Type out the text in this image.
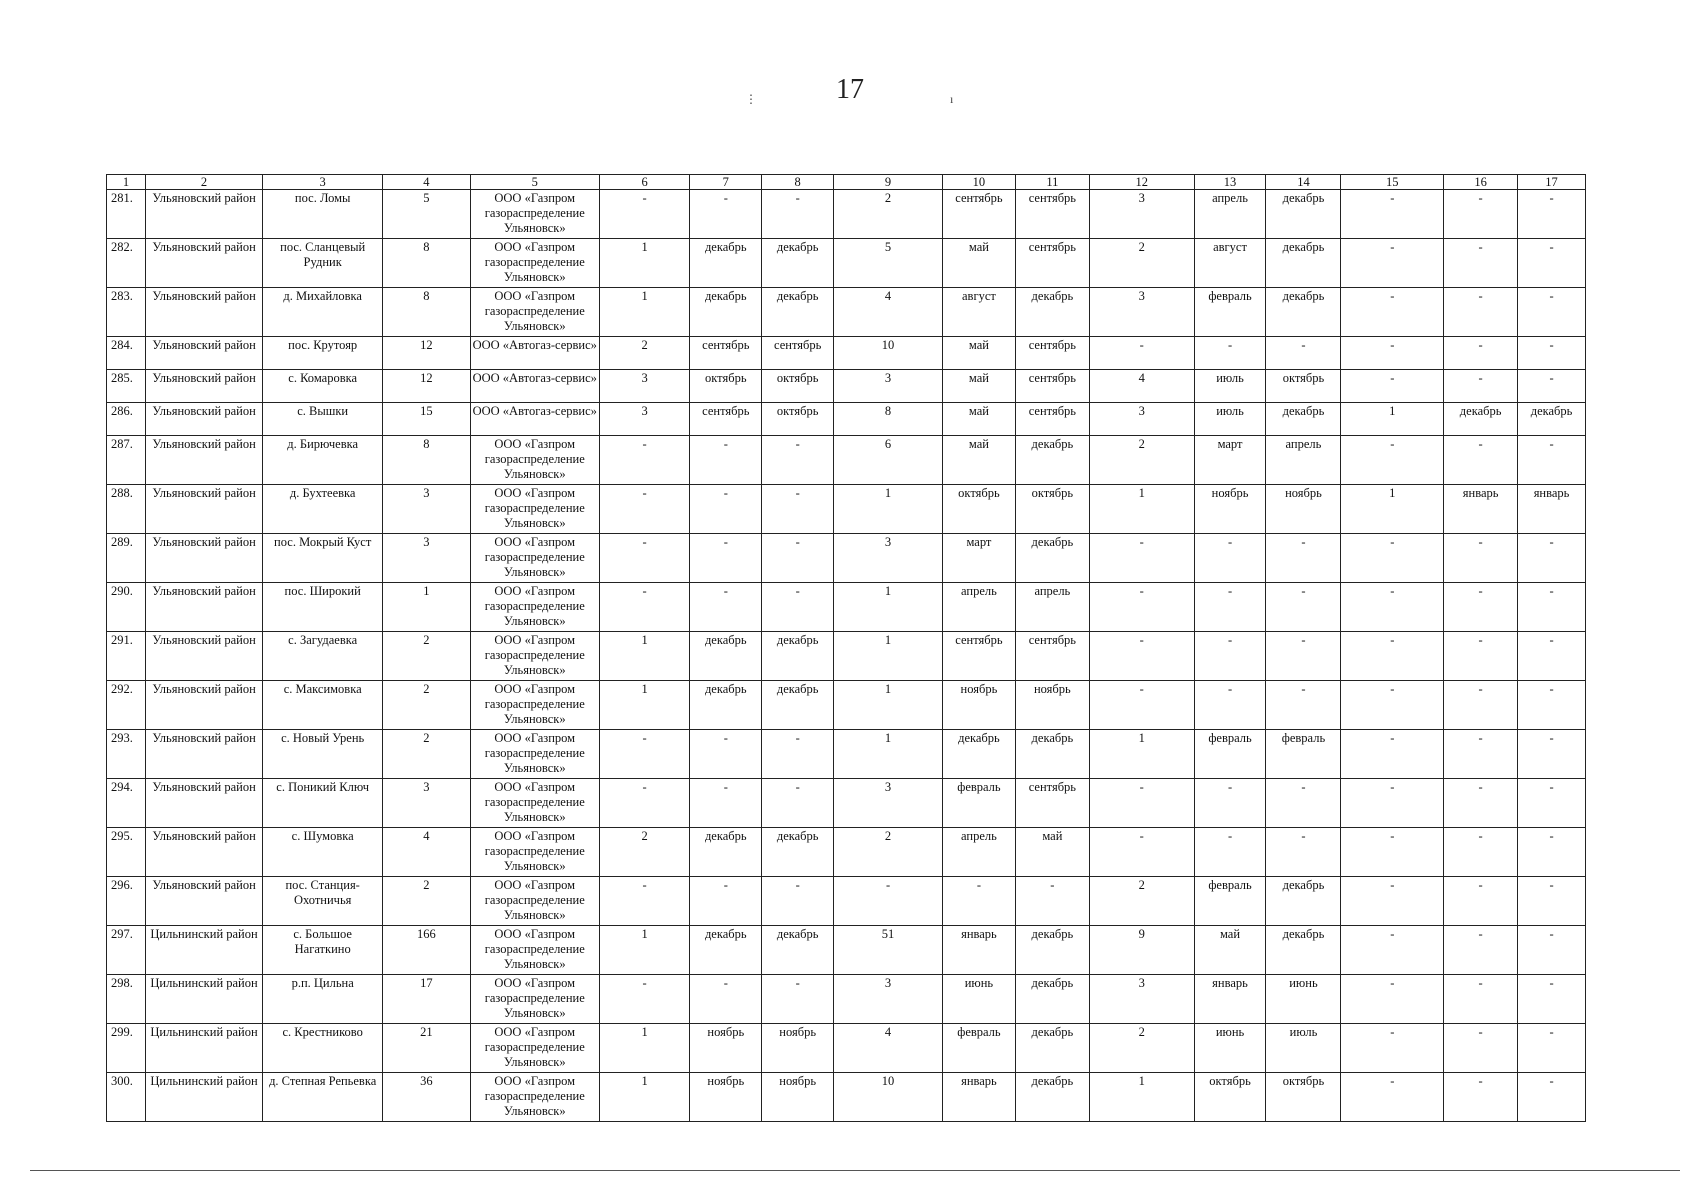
17
⋮	ı
1	2	3	4	5	6	7	8	9	10	11	12	13	14	15	16	17
281.	Ульяновский район	пос. Ломы	5	ООО «Газпром газораспределение Ульяновск»	-	-	-	2	сентябрь	сентябрь	3	апрель	декабрь	-	-	-
282.	Ульяновский район	пос. Сланцевый Рудник	8	ООО «Газпром газораспределение Ульяновск»	1	декабрь	декабрь	5	май	сентябрь	2	август	декабрь	-	-	-
283.	Ульяновский район	д. Михайловка	8	ООО «Газпром газораспределение Ульяновск»	1	декабрь	декабрь	4	август	декабрь	3	февраль	декабрь	-	-	-
284.	Ульяновский район	пос. Крутояр	12	ООО «Автогаз-сервис»	2	сентябрь	сентябрь	10	май	сентябрь	-	-	-	-	-	-
285.	Ульяновский район	с. Комаровка	12	ООО «Автогаз-сервис»	3	октябрь	октябрь	3	май	сентябрь	4	июль	октябрь	-	-	-
286.	Ульяновский район	с. Вышки	15	ООО «Автогаз-сервис»	3	сентябрь	октябрь	8	май	сентябрь	3	июль	декабрь	1	декабрь	декабрь
287.	Ульяновский район	д. Бирючевка	8	ООО «Газпром газораспределение Ульяновск»	-	-	-	6	май	декабрь	2	март	апрель	-	-	-
288.	Ульяновский район	д. Бухтеевка	3	ООО «Газпром газораспределение Ульяновск»	-	-	-	1	октябрь	октябрь	1	ноябрь	ноябрь	1	январь	январь
289.	Ульяновский район	пос. Мокрый Куст	3	ООО «Газпром газораспределение Ульяновск»	-	-	-	3	март	декабрь	-	-	-	-	-	-
290.	Ульяновский район	пос. Широкий	1	ООО «Газпром газораспределение Ульяновск»	-	-	-	1	апрель	апрель	-	-	-	-	-	-
291.	Ульяновский район	с. Загудаевка	2	ООО «Газпром газораспределение Ульяновск»	1	декабрь	декабрь	1	сентябрь	сентябрь	-	-	-	-	-	-
292.	Ульяновский район	с. Максимовка	2	ООО «Газпром газораспределение Ульяновск»	1	декабрь	декабрь	1	ноябрь	ноябрь	-	-	-	-	-	-
293.	Ульяновский район	с. Новый Урень	2	ООО «Газпром газораспределение Ульяновск»	-	-	-	1	декабрь	декабрь	1	февраль	февраль	-	-	-
294.	Ульяновский район	с. Поникий Ключ	3	ООО «Газпром газораспределение Ульяновск»	-	-	-	3	февраль	сентябрь	-	-	-	-	-	-
295.	Ульяновский район	с. Шумовка	4	ООО «Газпром газораспределение Ульяновск»	2	декабрь	декабрь	2	апрель	май	-	-	-	-	-	-
296.	Ульяновский район	пос. Станция-Охотничья	2	ООО «Газпром газораспределение Ульяновск»	-	-	-	-	-	-	2	февраль	декабрь	-	-	-
297.	Цильнинский район	с. Большое Нагаткино	166	ООО «Газпром газораспределение Ульяновск»	1	декабрь	декабрь	51	январь	декабрь	9	май	декабрь	-	-	-
298.	Цильнинский район	р.п. Цильна	17	ООО «Газпром газораспределение Ульяновск»	-	-	-	3	июнь	декабрь	3	январь	июнь	-	-	-
299.	Цильнинский район	с. Крестниково	21	ООО «Газпром газораспределение Ульяновск»	1	ноябрь	ноябрь	4	февраль	декабрь	2	июнь	июль	-	-	-
300.	Цильнинский район	д. Степная Репьевка	36	ООО «Газпром газораспределение Ульяновск»	1	ноябрь	ноябрь	10	январь	декабрь	1	октябрь	октябрь	-	-	-
